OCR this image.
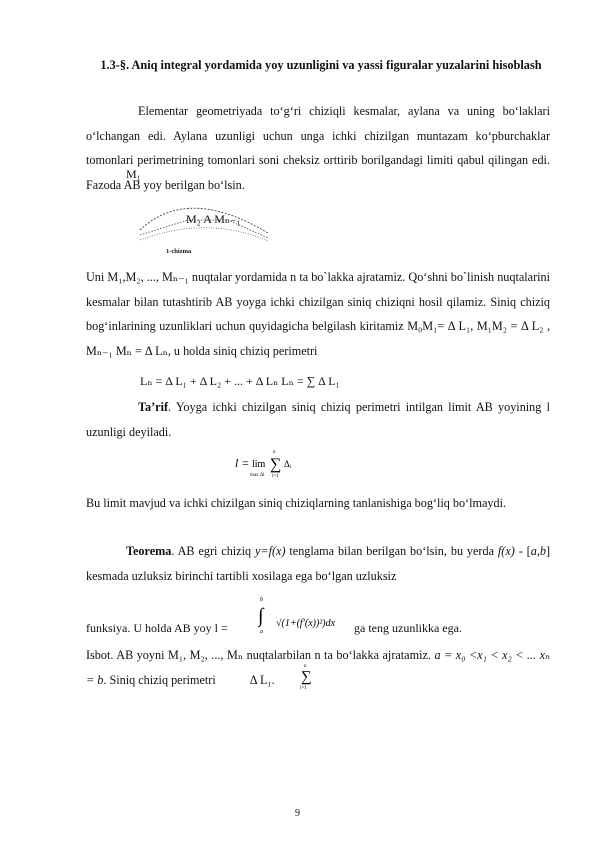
1.3-§. Aniq integral yordamida yoy uzunligini va yassi figuralar yuzalarini hisoblash
Elementar geometriyada to‘g‘ri chiziqli kesmalar, aylana va uning bo‘laklari o‘lchangan edi. Aylana uzunligi uchun unga ichki chizilgan muntazam ko‘pburchaklar tomonlari perimetrining tomonlari soni cheksiz orttirib borilgandagi limiti qabul qilingan edi. Fazoda AB yoy berilgan bo‘lsin.
M₁
M₂ A Mₙ₋₁
1-chizma
Uni M₁,M₂, ..., Mₙ₋₁ nuqtalar yordamida n ta bo`lakka ajratamiz. Qo‘shni bo`linish nuqtalarini kesmalar bilan tutashtirib AB yoyga ichki chizilgan siniq chiziqni hosil qilamiz. Siniq chiziq bog‘inlarining uzunliklari uchun quyidagicha belgilash kiritamiz M₀M₁= Δ L₁, M₁M₂ = Δ L₂ , Mₙ₋₁ Mₙ = Δ Lₙ, u holda siniq chiziq perimetri
Lₙ = Δ L₁ + Δ L₂ + ... + Δ Lₙ Lₙ = ∑ Δ L₁
Ta’rif. Yoyga ichki chizilgan siniq chiziq perimetri intilgan limit AB yoyining l uzunligi deyiladi.
l = lim
max Δl
∑
n
i=1
Δᵢ
Bu limit mavjud va ichki chizilgan siniq chiziqlarning tanlanishiga bog‘liq bo‘lmaydi.
Teorema. AB egri chiziq y=f(x) tenglama bilan berilgan bo‘lsin, bu yerda f(x) - [a,b] kesmada uzluksiz birinchi tartibli xosilaga ega bo‘lgan uzluksiz
funksiya. U holda AB yoy l =
∫
b
a
√(1+(f′(x))²)dx ga teng uzunlikka ega.
Isbot. AB yoyni M₁, M₂, ..., Mₙ nuqtalarbilan n ta bo‘lakka ajratamiz. a = x₀ <x₁ < x₂ < ... xₙ = b. Siniq chiziq perimetri	Δ L₁.	∑
n
i=1
9
